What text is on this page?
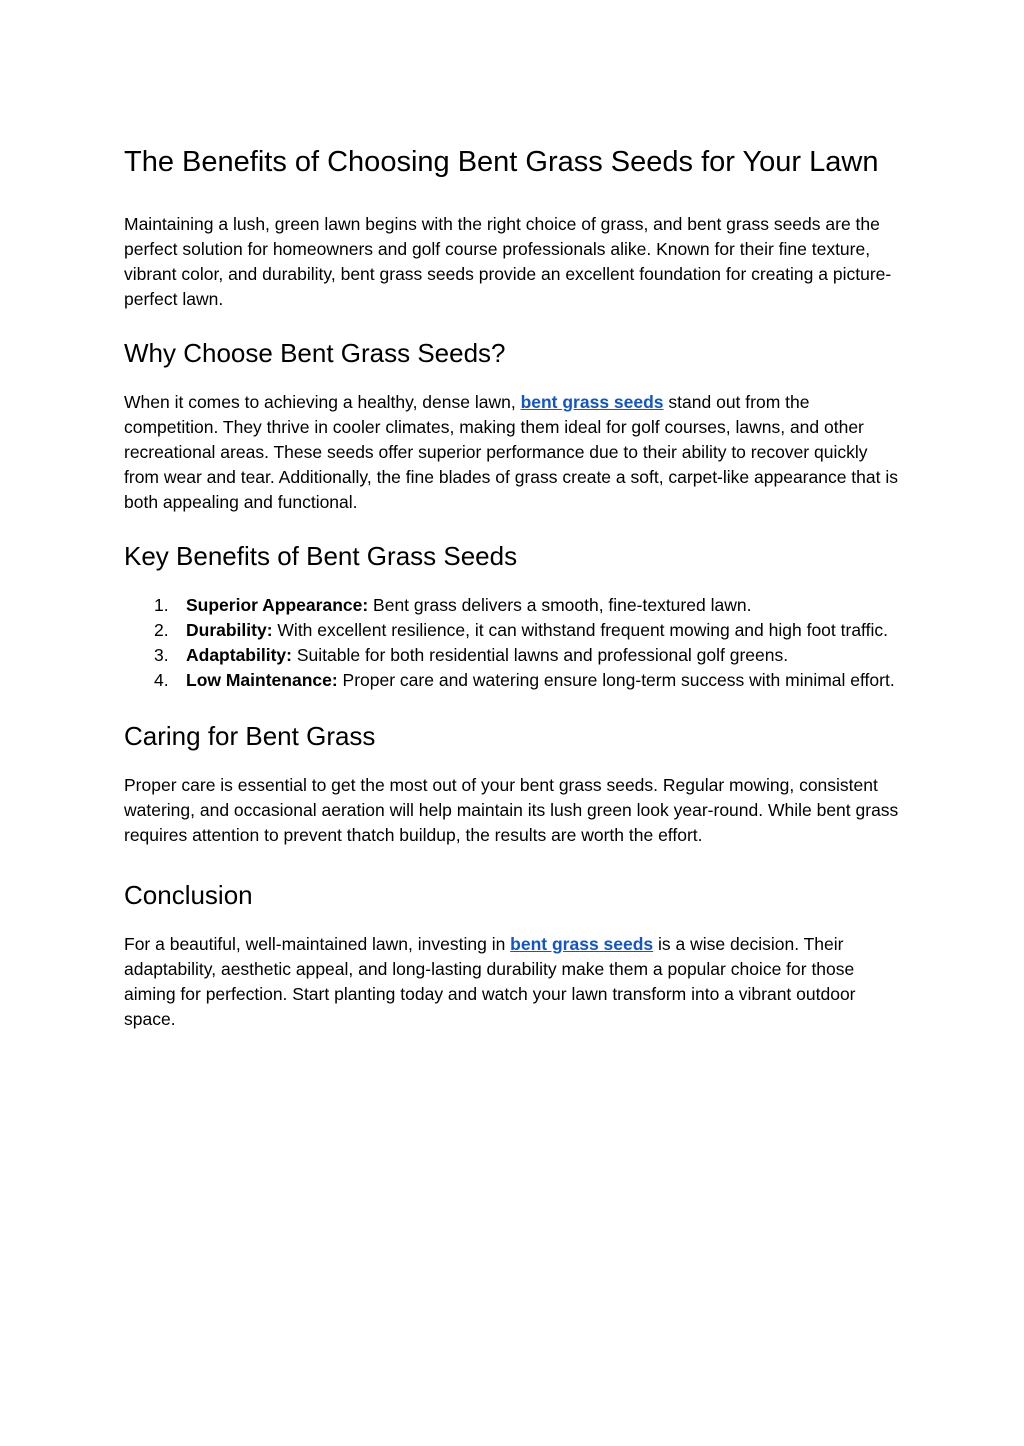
The Benefits of Choosing Bent Grass Seeds for Your Lawn

Maintaining a lush, green lawn begins with the right choice of grass, and bent grass seeds are the perfect solution for homeowners and golf course professionals alike. Known for their fine texture, vibrant color, and durability, bent grass seeds provide an excellent foundation for creating a picture-perfect lawn.

Why Choose Bent Grass Seeds?

When it comes to achieving a healthy, dense lawn, bent grass seeds stand out from the competition. They thrive in cooler climates, making them ideal for golf courses, lawns, and other recreational areas. These seeds offer superior performance due to their ability to recover quickly from wear and tear. Additionally, the fine blades of grass create a soft, carpet-like appearance that is both appealing and functional.

Key Benefits of Bent Grass Seeds
1. Superior Appearance: Bent grass delivers a smooth, fine-textured lawn.
2. Durability: With excellent resilience, it can withstand frequent mowing and high foot traffic.
3. Adaptability: Suitable for both residential lawns and professional golf greens.
4. Low Maintenance: Proper care and watering ensure long-term success with minimal effort.
Caring for Bent Grass

Proper care is essential to get the most out of your bent grass seeds. Regular mowing, consistent watering, and occasional aeration will help maintain its lush green look year-round. While bent grass requires attention to prevent thatch buildup, the results are worth the effort.

Conclusion

For a beautiful, well-maintained lawn, investing in bent grass seeds is a wise decision. Their adaptability, aesthetic appeal, and long-lasting durability make them a popular choice for those aiming for perfection. Start planting today and watch your lawn transform into a vibrant outdoor space.
